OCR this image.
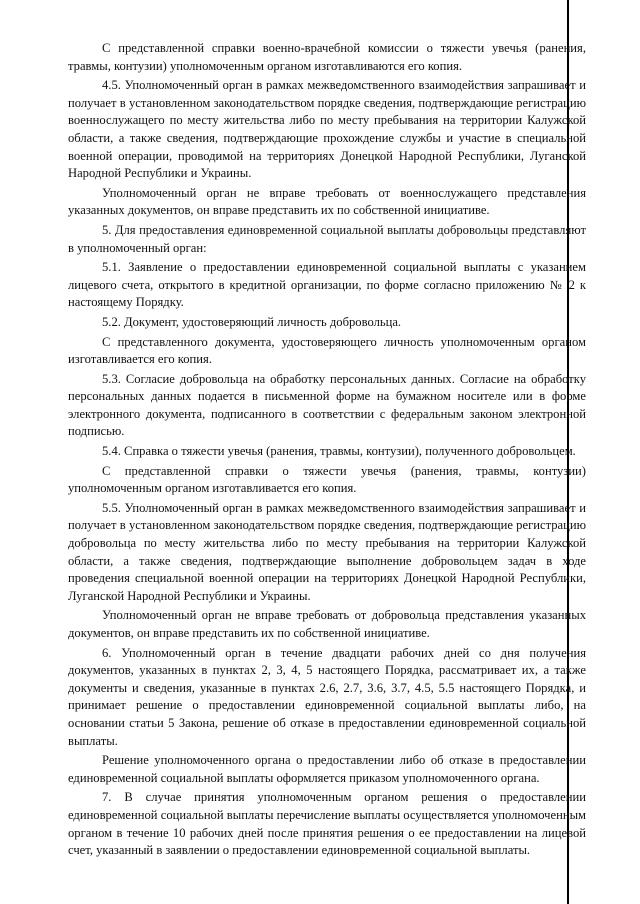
С представленной справки военно-врачебной комиссии о тяжести увечья (ранения, травмы, контузии) уполномоченным органом изготавливаются его копия.

4.5. Уполномоченный орган в рамках межведомственного взаимодействия запрашивает и получает в установленном законодательством порядке сведения, подтверждающие регистрацию военнослужащего по месту жительства либо по месту пребывания на территории Калужской области, а также сведения, подтверждающие прохождение службы и участие в специальной военной операции, проводимой на территориях Донецкой Народной Республики, Луганской Народной Республики и Украины.

Уполномоченный орган не вправе требовать от военнослужащего представления указанных документов, он вправе представить их по собственной инициативе.

5. Для предоставления единовременной социальной выплаты добровольцы представляют в уполномоченный орган:

5.1. Заявление о предоставлении единовременной социальной выплаты с указанием лицевого счета, открытого в кредитной организации, по форме согласно приложению № 2 к настоящему Порядку.

5.2. Документ, удостоверяющий личность добровольца.

С представленного документа, удостоверяющего личность уполномоченным органом изготавливается его копия.

5.3. Согласие добровольца на обработку персональных данных. Согласие на обработку персональных данных подается в письменной форме на бумажном носителе или в форме электронного документа, подписанного в соответствии с федеральным законом электронной подписью.

5.4. Справка о тяжести увечья (ранения, травмы, контузии), полученного добровольцем.

С представленной справки о тяжести увечья (ранения, травмы, контузии) уполномоченным органом изготавливается его копия.

5.5. Уполномоченный орган в рамках межведомственного взаимодействия запрашивает и получает в установленном законодательством порядке сведения, подтверждающие регистрацию добровольца по месту жительства либо по месту пребывания на территории Калужской области, а также сведения, подтверждающие выполнение добровольцем задач в ходе проведения специальной военной операции на территориях Донецкой Народной Республики, Луганской Народной Республики и Украины.

Уполномоченный орган не вправе требовать от добровольца представления указанных документов, он вправе представить их по собственной инициативе.

6. Уполномоченный орган в течение двадцати рабочих дней со дня получения документов, указанных в пунктах 2, 3, 4, 5 настоящего Порядка, рассматривает их, а также документы и сведения, указанные в пунктах 2.6, 2.7, 3.6, 3.7, 4.5, 5.5 настоящего Порядка, и принимает решение о предоставлении единовременной социальной выплаты либо, на основании статьи 5 Закона, решение об отказе в предоставлении единовременной социальной выплаты.

Решение уполномоченного органа о предоставлении либо об отказе в предоставлении единовременной социальной выплаты оформляется приказом уполномоченного органа.

7. В случае принятия уполномоченным органом решения о предоставлении единовременной социальной выплаты перечисление выплаты осуществляется уполномоченным органом в течение 10 рабочих дней после принятия решения о ее предоставлении на лицевой счет, указанный в заявлении о предоставлении единовременной социальной выплаты.
